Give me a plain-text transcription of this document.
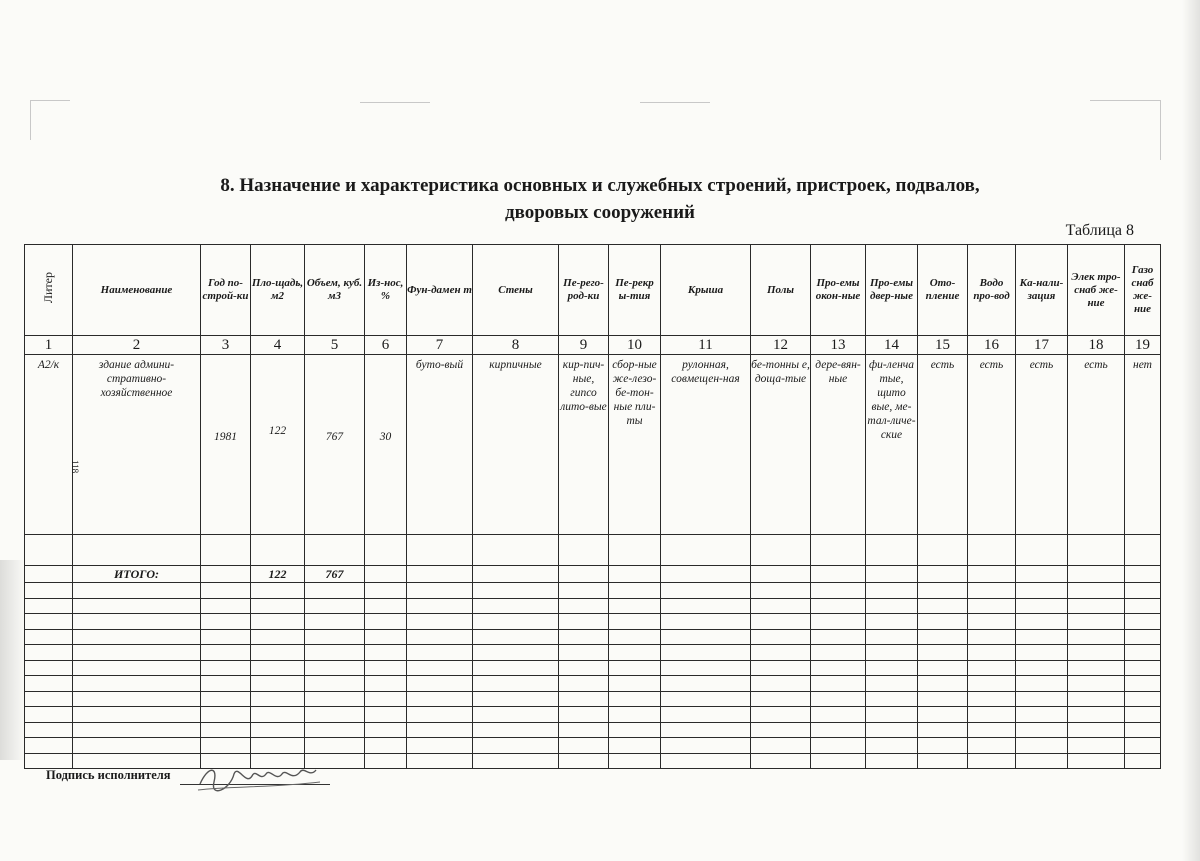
8. Назначение и характеристика основных и служебных строений, пристроек, подвалов,
дворовых сооружений
Таблица 8
Литер	Наименование	Год по-строй-ки	Пло-щадь, м2	Объем, куб. м3	Из-нос, %	Фун-дамен т	Стены	Пе-рего-род-ки	Пе-рекр ы-тия	Крыша	Полы	Про-емы окон-ные	Про-емы двер-ные	Ото-пление	Водо про-вод	Ка-нали-зация	Элек тро-снаб же-ние	Газо снаб же-ние
1	2	3	4	5	6	7	8	9	10	11	12	13	14	15	16	17	18	19
А2/к	здание админи-стративно-хозяйственное	1981	122	767	30	буто-вый	кирпичные	кир-пич-ные, гипсо лито-вые	сбор-ные же-лезо-бе-тон-ные пли-ты	рулонная, совмещен-ная	бе-тонны е, доща-тые	дере-вян-ные	фи-ленча тые, щито вые, ме-тал-личе-ские	есть	есть	есть	есть	нет

	ИТОГО:		122	767														

118
Подпись исполнителя
